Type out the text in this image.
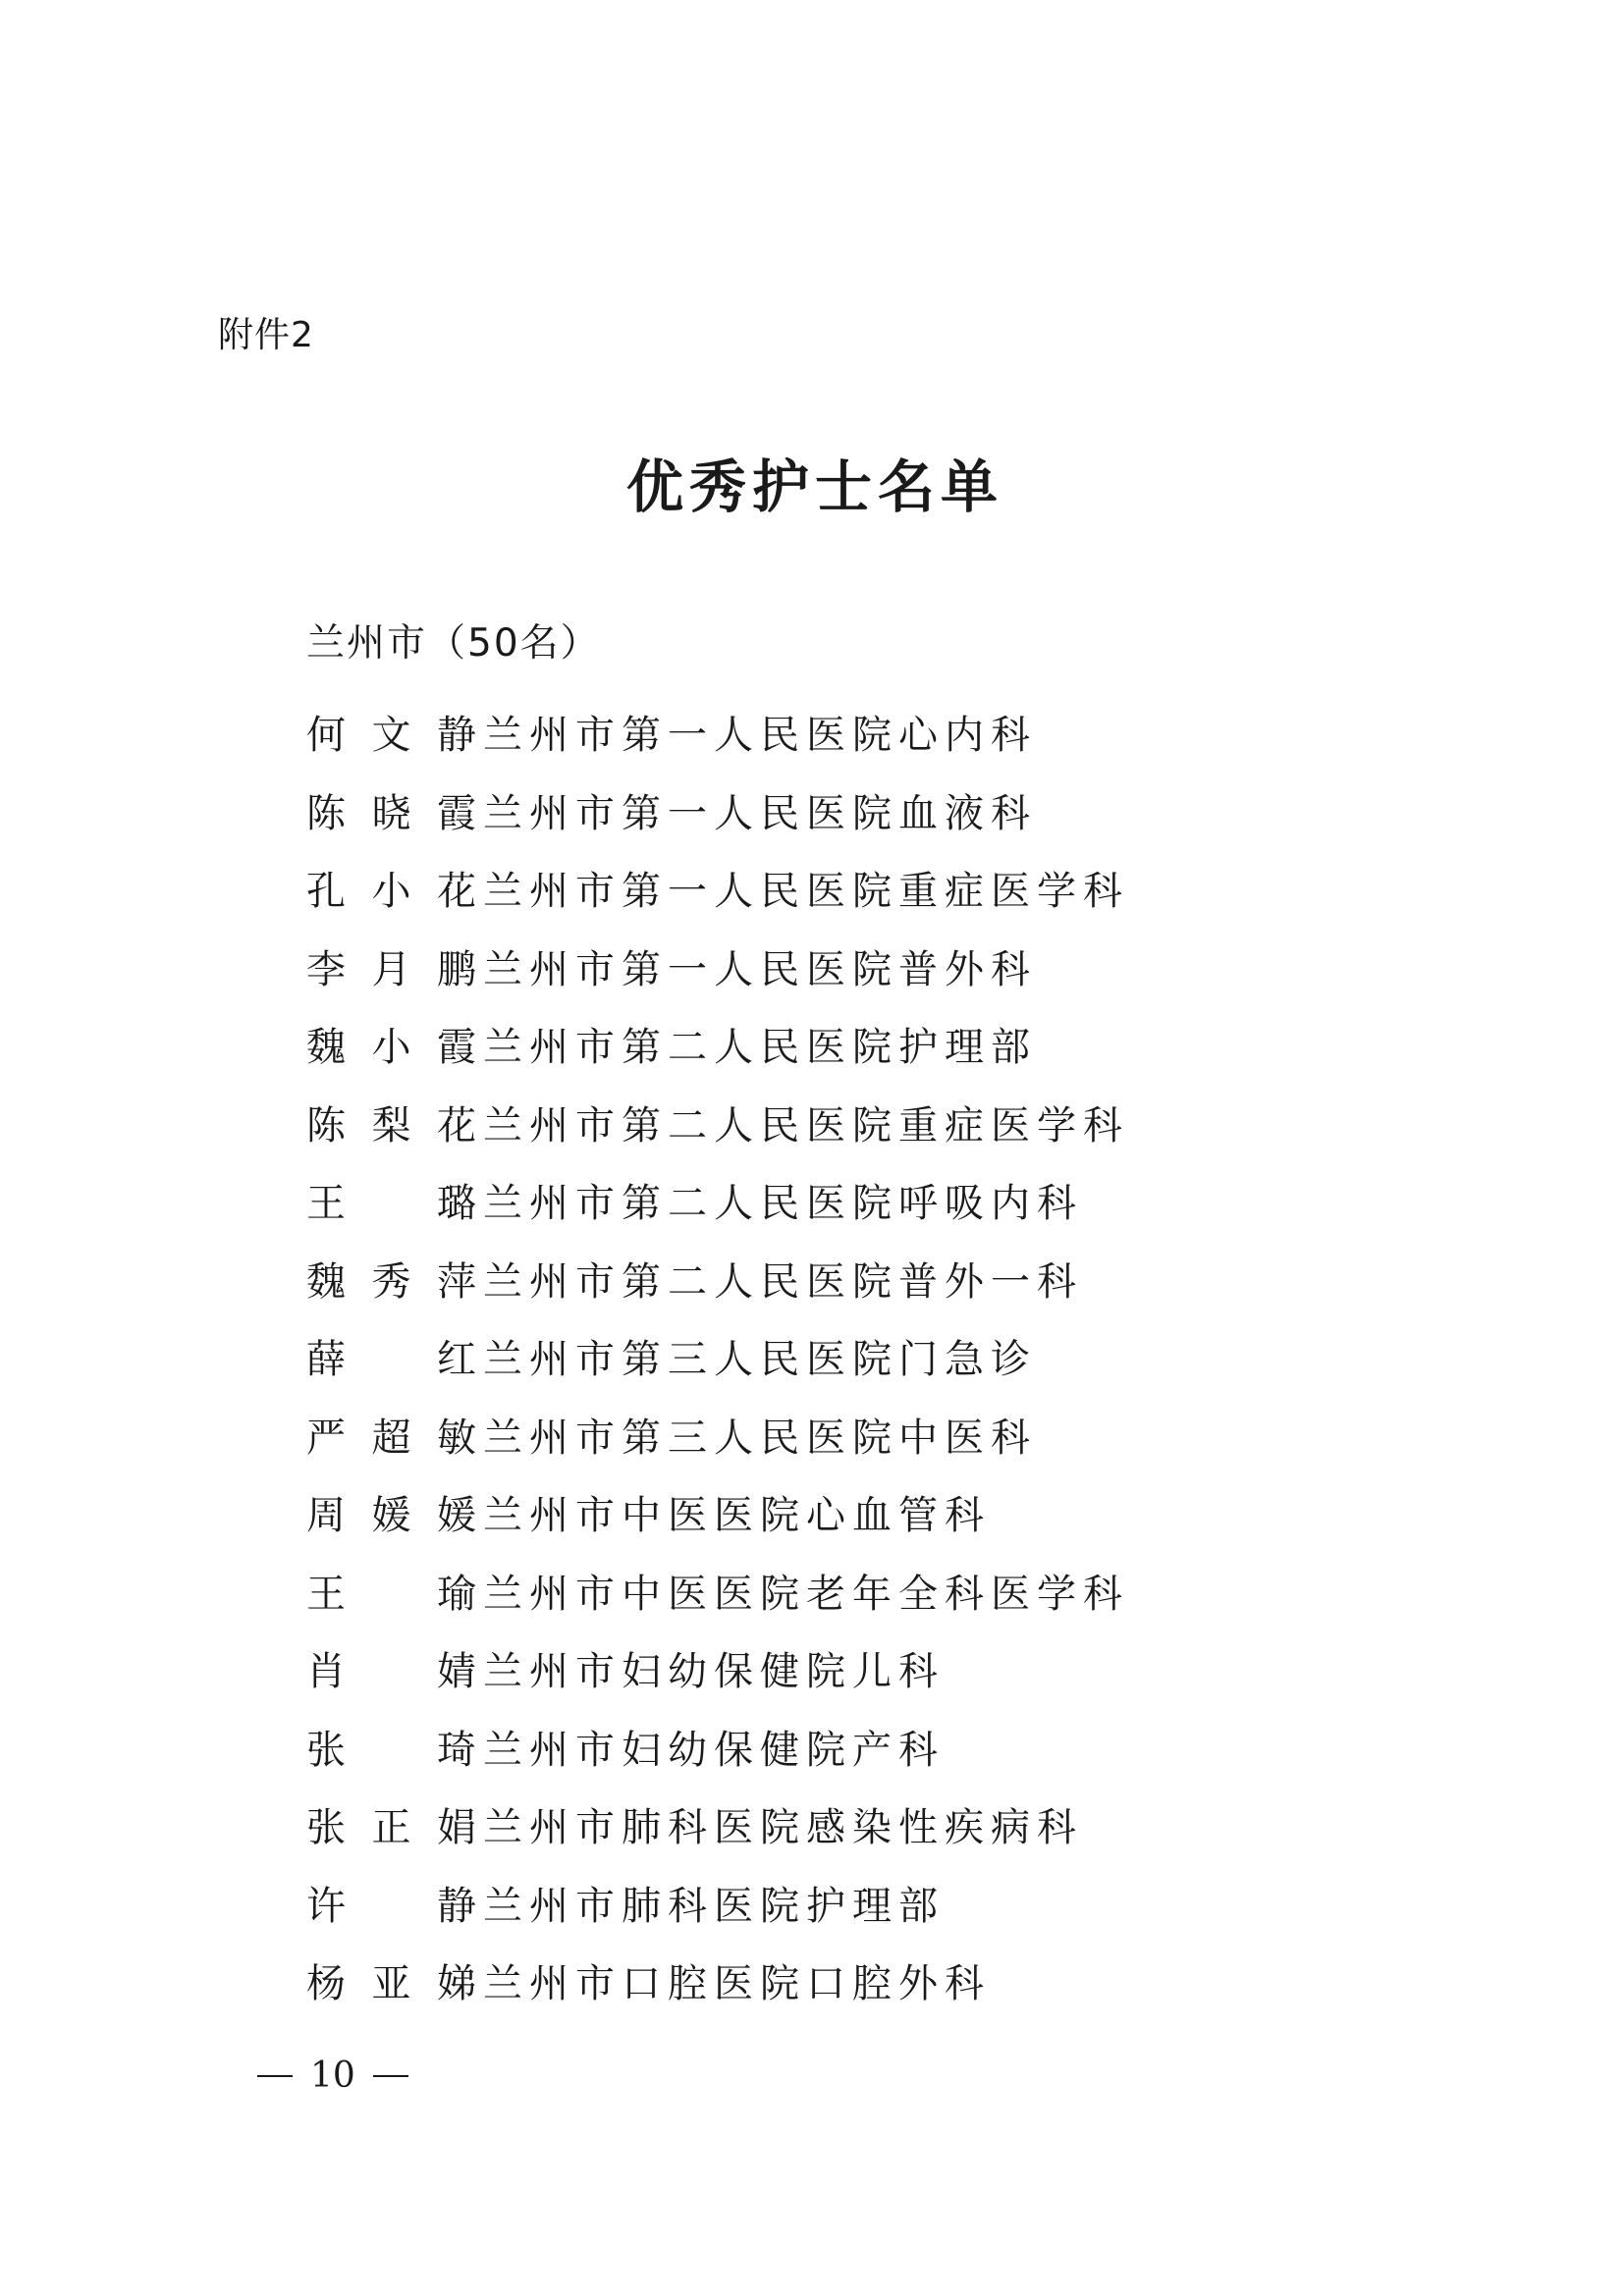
附件2
优秀护士名单
兰州市（50名）
何 文 静 兰州市第一人民医院心内科
陈 晓 霞 兰州市第一人民医院血液科
孔 小 花 兰州市第一人民医院重症医学科
李 月 鹏 兰州市第一人民医院普外科
魏 小 霞 兰州市第二人民医院护理部
陈 梨 花 兰州市第二人民医院重症医学科
王 璐 兰州市第二人民医院呼吸内科
魏 秀 萍 兰州市第二人民医院普外一科
薛 红 兰州市第三人民医院门急诊
严 超 敏 兰州市第三人民医院中医科
周 媛 媛 兰州市中医医院心血管科
王 瑜 兰州市中医医院老年全科医学科
肖 婧 兰州市妇幼保健院儿科
张 琦 兰州市妇幼保健院产科
张 正 娟 兰州市肺科医院感染性疾病科
许 静 兰州市肺科医院护理部
杨 亚 娣 兰州市口腔医院口腔外科
10
